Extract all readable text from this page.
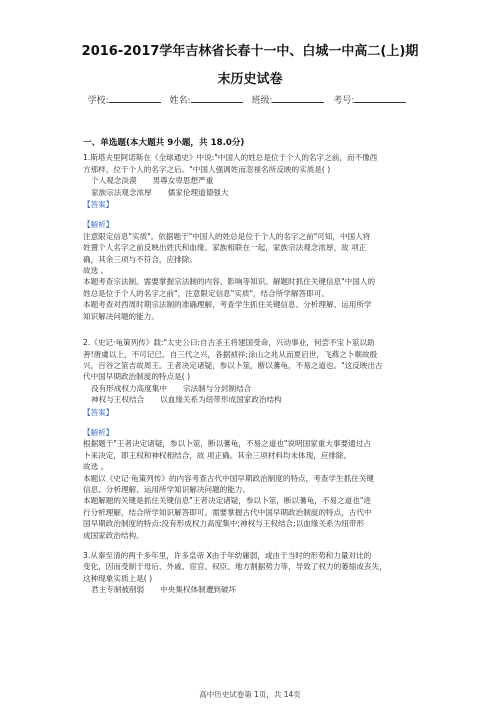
2016-2017学年吉林省长春十一中、白城一中高二(上)期
末历史试卷
学校:	姓名:	班级:	考号:
一、单选题(本大题共 9小题，共 18.0分)
1.斯塔夫里阿诺斯在《全球通史》中说:"中国人的姓总是位于个人的名字之前，而不像西
方那样，位于个人的名字之后。"中国人强调姓而忽视名所反映的实质是( )
个人观念淡漠 男尊女卑思想严重
家族宗法观念浓厚 儒家伦理道德强大
【答案】
【解析】
注意限定信息"实质"。依据题干"中国人的姓总是位于个人的名字之前"可知，中国人将
姓置个人名字之前反映出姓氏和血缘、家族相联在一起，家族宗法观念浓厚，故 项正
确，其余三项与不符合，应排除。
故选 。
本题考查宗法制。需要掌握宗法制的内容、影响等知识。解题时抓住关键信息"中国人的
姓总是位于个人的名字之前"，注意限定信息"实质"，结合所学解答即可。
本题考查对西周时期宗法制的准确理解，考查学生抓住关键信息、分析理解、运用所学
知识解决问题的能力。
2.《史记·龟策列传》载:"太史公曰:自古圣王将建国受命，兴动事业，何尝不宝卜筮以助
善!唐虞以上，不可记已。自三代之兴，各据祯祥;涂山之兆从而夏启世，飞燕之卜顺故殷
兴，百谷之筮吉故周王。王者决定诸疑，参以卜筮，断以蓍龟，不易之道也。"这反映出古
代中国早期政治制度的特点是( )
没有形成权力高度集中 宗法制与分封制结合
神权与王权结合 以血缘关系为纽带形成国家政治结构
【答案】
【解析】
根据题干"王者决定诸疑，参以卜筮，断以蓍龟，不易之道也"说明国家重大事要通过占
卜来决定，即王权和神权相结合，故 项正确。其余三项材料均未体现，应排除。
故选 。
本题以《史记·龟策列传》的内容考查古代中国早期政治制度的特点，考查学生抓住关键
信息、分析理解、运用所学知识解决问题的能力。
本题解题的关键是抓住关键信息"王者决定诸疑，参以卜筮，断以蓍龟，不易之道也"进
行分析理解，结合所学知识解答即可。需要掌握古代中国早期政治制度的特点，古代中
国早期政治制度的特点:没有形成权力高度集中;神权与王权结合;以血缘关系为纽带形
成国家政治结构。
3.从秦至清的两千多年里，许多皇帝 X由于年幼庸弱，或由于当时的形势和力量对比的
变化，因而受制于母后、外戚、宦官、权臣、地方割据势力等，导致了权力的萎缩或丧失，
这种现象实质上是( )
君主专制被削弱 中央集权体制遭到破坏
高中历史试卷第 1页，共 14页
